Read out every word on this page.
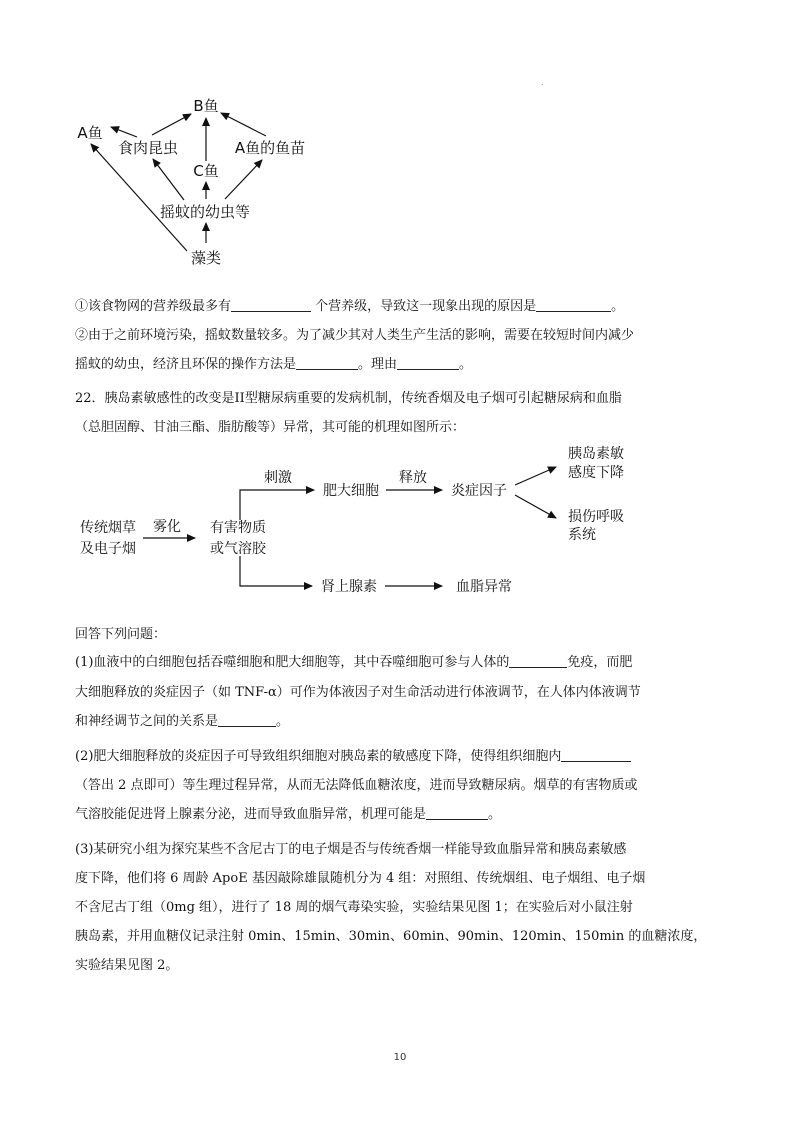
.
B鱼
A鱼
食肉昆虫	A鱼的鱼苗
C鱼
摇蚊的幼虫等
藻类
①该食物网的营养级最多有	个营养级，导致这一现象出现的原因是	。
②由于之前环境污染，摇蚊数量较多。为了减少其对人类生产生活的影响，需要在较短时间内减少
摇蚊的幼虫，经济且环保的操作方法是	。理由	。
22．胰岛素敏感性的改变是II型糖尿病重要的发病机制，传统香烟及电子烟可引起糖尿病和血脂
（总胆固醇、甘油三酯、脂肪酸等）异常，其可能的机理如图所示：
传统烟草
及电子烟
雾化 有害物质
或气溶胶
刺激
肥大细胞
释放
炎症因子
胰岛素敏
感度下降
损伤呼吸
系统
肾上腺素	血脂异常
回答下列问题：
(1)血液中的白细胞包括吞噬细胞和肥大细胞等，其中吞噬细胞可参与人体的	免疫，而肥
大细胞释放的炎症因子（如 TNF-α）可作为体液因子对生命活动进行体液调节，在人体内体液调节
和神经调节之间的关系是	。
(2)肥大细胞释放的炎症因子可导致组织细胞对胰岛素的敏感度下降，使得组织细胞内
（答出 2 点即可）等生理过程异常，从而无法降低血糖浓度，进而导致糖尿病。烟草的有害物质或
气溶胶能促进肾上腺素分泌，进而导致血脂异常，机理可能是	。
(3)某研究小组为探究某些不含尼古丁的电子烟是否与传统香烟一样能导致血脂异常和胰岛素敏感
度下降，他们将 6 周龄 ApoE 基因敲除雄鼠随机分为 4 组：对照组、传统烟组、电子烟组、电子烟
不含尼古丁组（0mg 组），进行了 18 周的烟气毒染实验，实验结果见图 1；在实验后对小鼠注射
胰岛素，并用血糖仪记录注射 0min、15min、30min、60min、90min、120min、150min 的血糖浓度，
实验结果见图 2。
10
